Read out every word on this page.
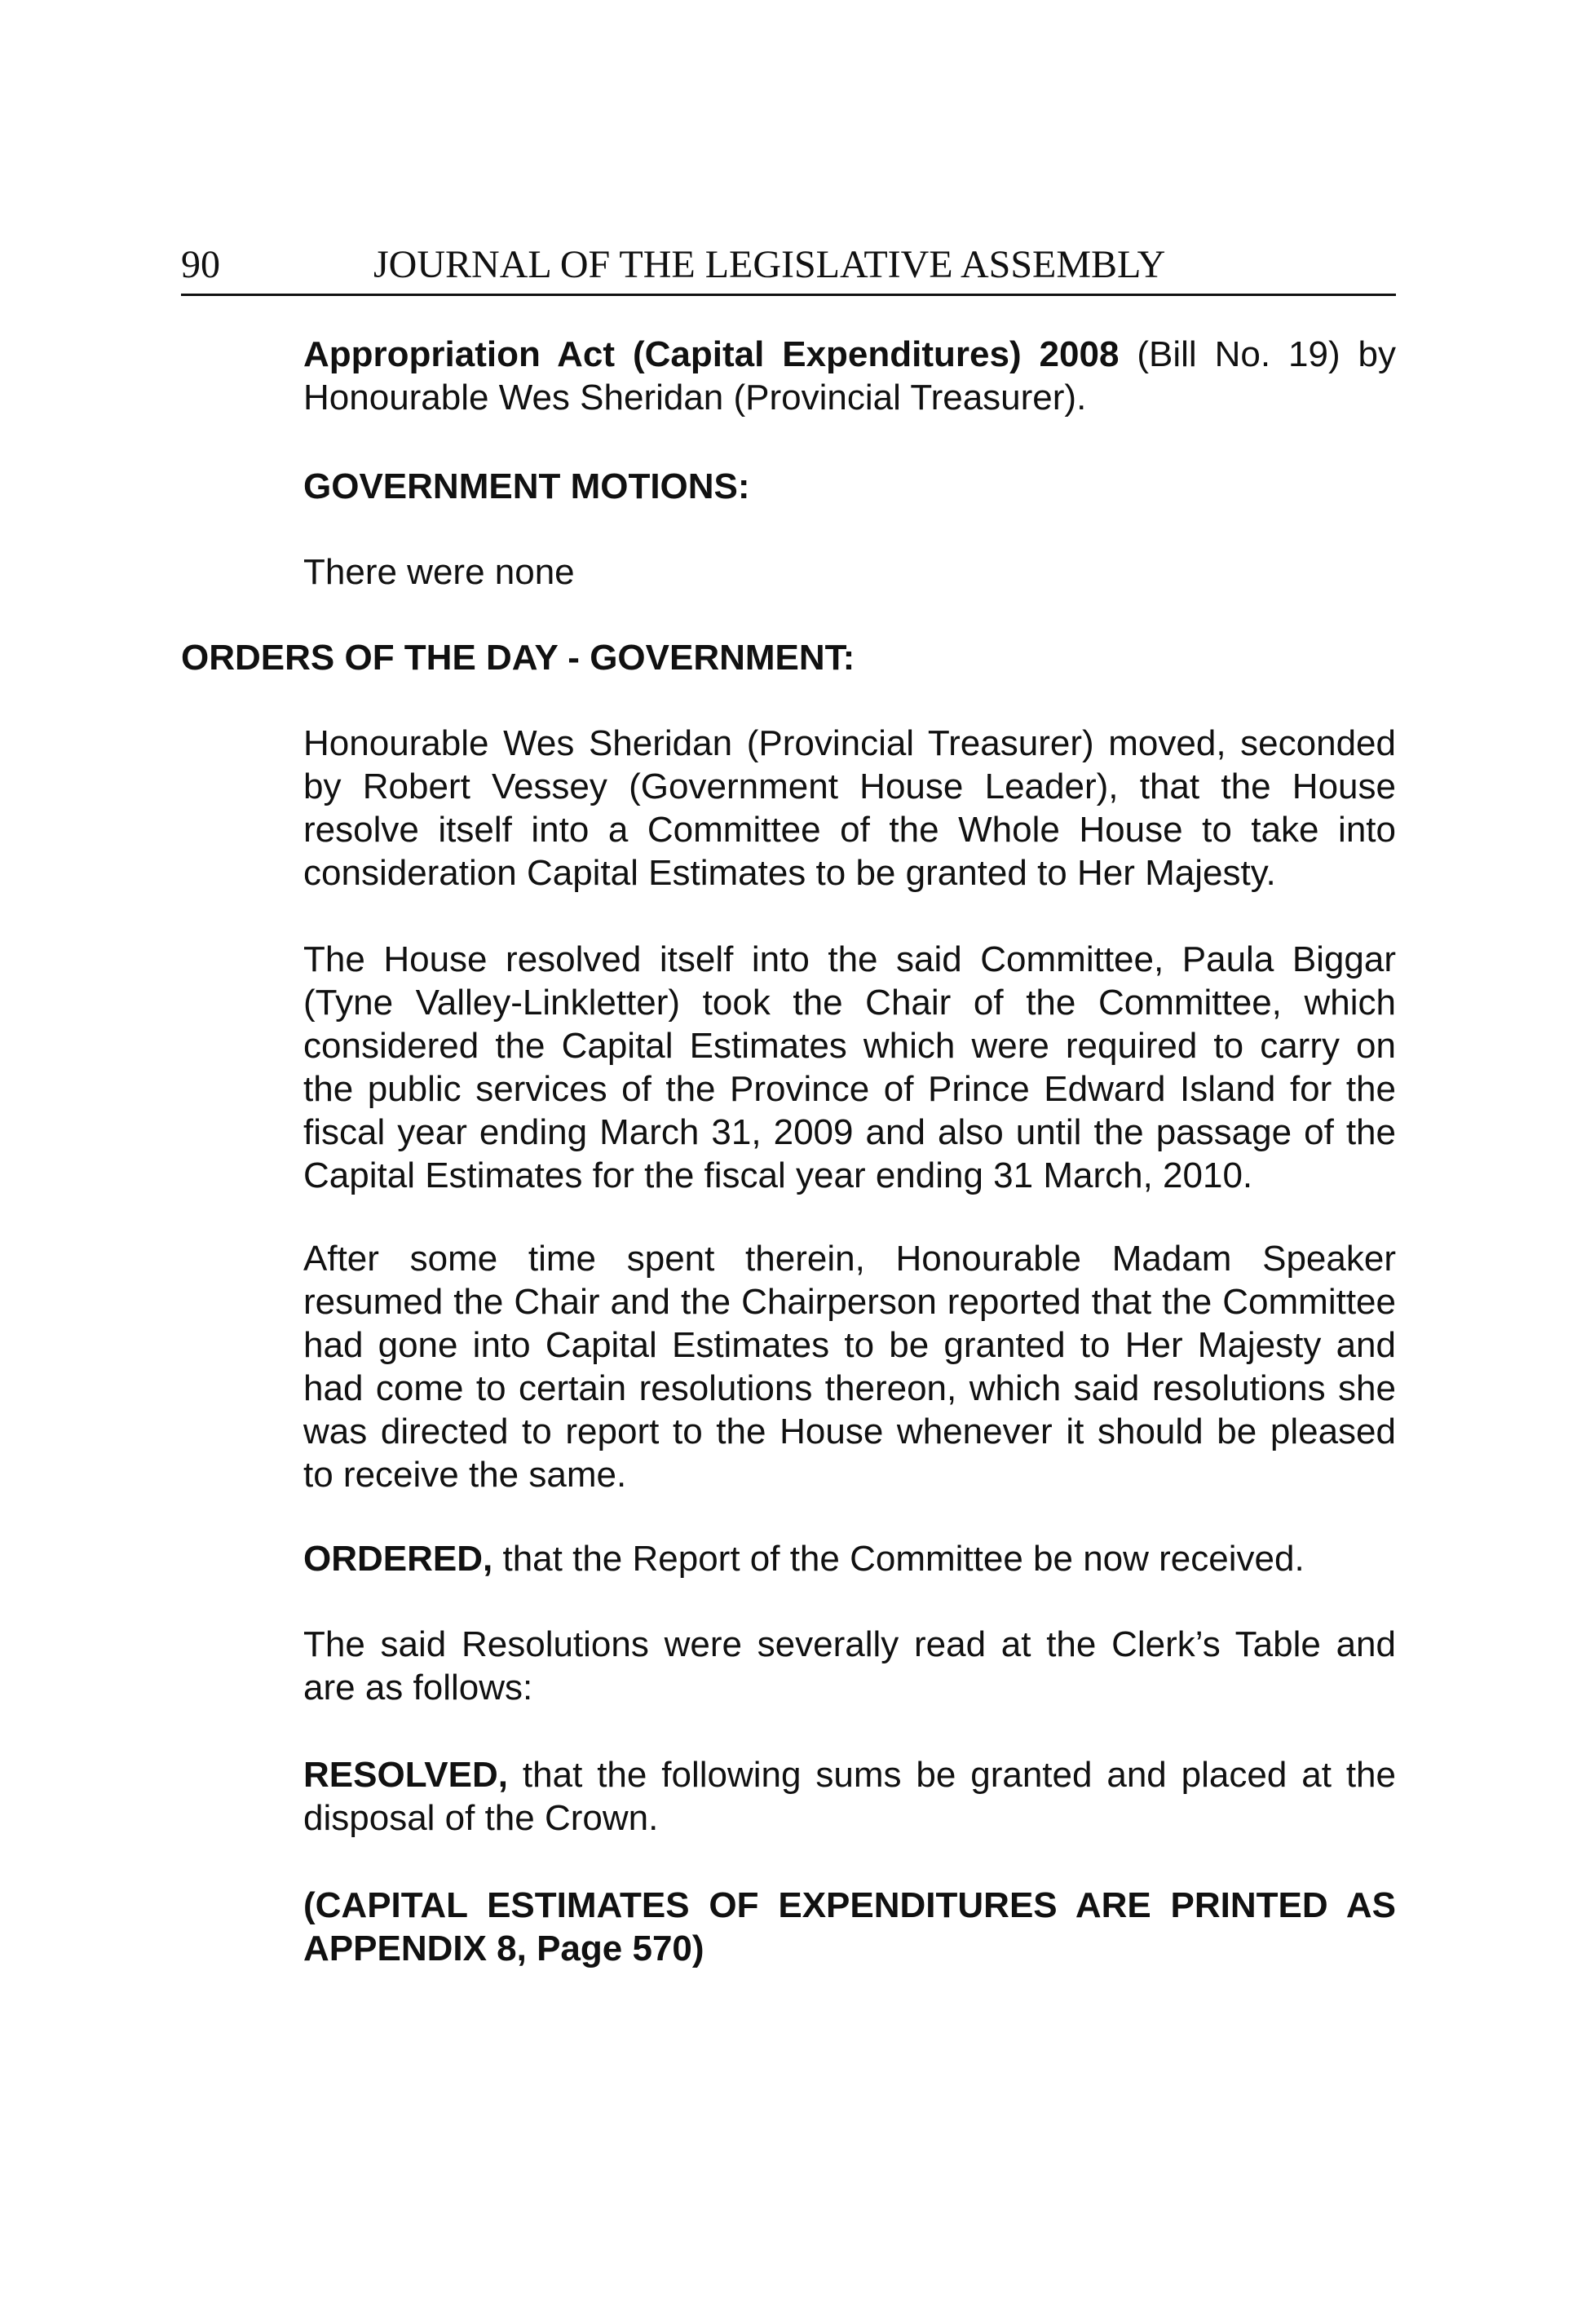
90	JOURNAL OF THE LEGISLATIVE ASSEMBLY

Appropriation Act (Capital Expenditures) 2008 (Bill No. 19) by Honourable Wes Sheridan (Provincial Treasurer).

GOVERNMENT MOTIONS:

There were none

ORDERS OF THE DAY - GOVERNMENT:

Honourable Wes Sheridan (Provincial Treasurer) moved, seconded by Robert Vessey (Government House Leader), that the House resolve itself into a Committee of the Whole House to take into consideration Capital Estimates to be granted to Her Majesty.

The House resolved itself into the said Committee, Paula Biggar (Tyne Valley-Linkletter) took the Chair of the Committee, which considered the Capital Estimates which were required to carry on the public services of the Province of Prince Edward Island for the fiscal year ending March 31, 2009 and also until the passage of the Capital Estimates for the fiscal year ending 31 March, 2010.

After some time spent therein, Honourable Madam Speaker resumed the Chair and the Chairperson reported that the Committee had gone into Capital Estimates to be granted to Her Majesty and had come to certain resolutions thereon, which said resolutions she was directed to report to the House whenever it should be pleased to receive the same.

ORDERED, that the Report of the Committee be now received.

The said Resolutions were severally read at the Clerk’s Table and are as follows:

RESOLVED, that the following sums be granted and placed at the disposal of the Crown.

(CAPITAL ESTIMATES OF EXPENDITURES ARE PRINTED AS APPENDIX 8, Page 570)
